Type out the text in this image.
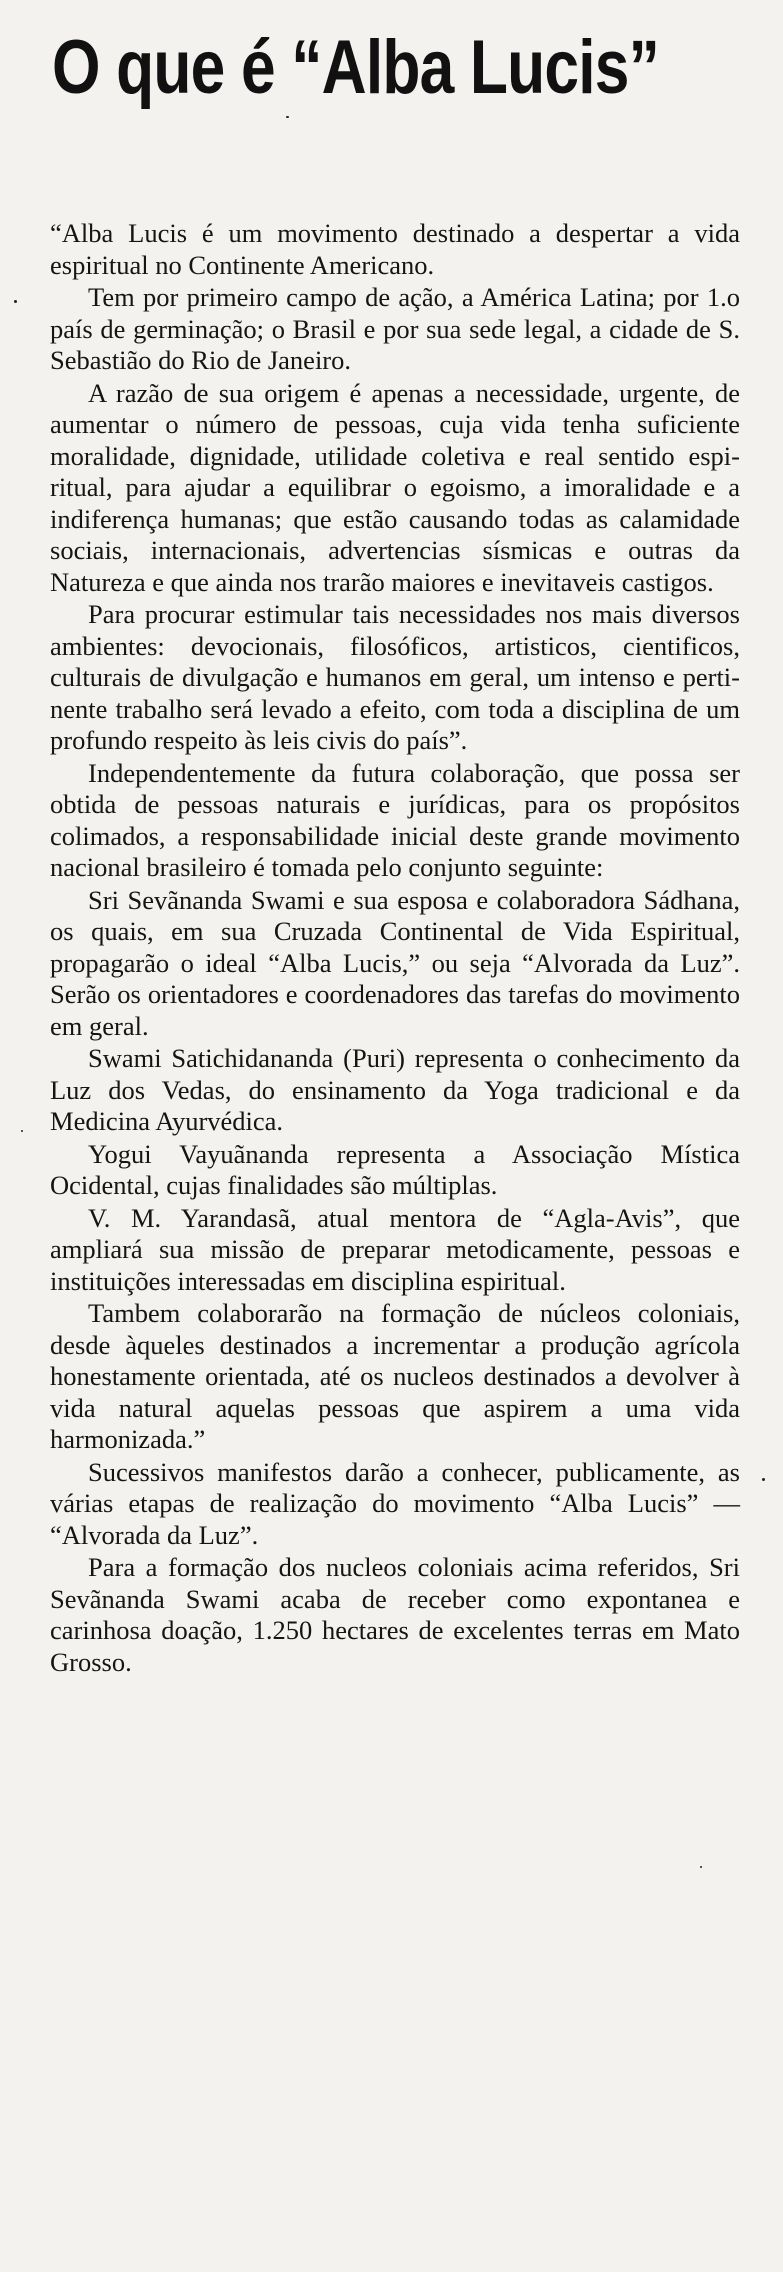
O que é “Alba Lucis”

“Alba Lucis é um movimento destinado a despertar a vida espiritual no Continente Americano.

Tem por primeiro campo de ação, a América Latina; por 1.o país de germinação; o Brasil e por sua sede legal, a cidade de S. Sebastião do Rio de Janeiro.

A razão de sua origem é apenas a necessidade, urgente, de aumentar o número de pessoas, cuja vida tenha suficiente moralidade, dignidade, utilidade coletiva e real sentido espiritual, para ajudar a equilibrar o egoismo, a imoralidade e a indiferença humanas; que estão causando todas as calamidade sociais, internacionais, advertencias sísmicas e outras da Natureza e que ainda nos trarão maiores e inevitaveis castigos.

Para procurar estimular tais necessidades nos mais diversos ambientes: devocionais, filosóficos, artisticos, cientificos, culturais de divulgação e humanos em geral, um intenso e pertinente trabalho será levado a efeito, com toda a disciplina de um profundo respeito às leis civis do país”.

Independentemente da futura colaboração, que possa ser obtida de pessoas naturais e jurídicas, para os propósitos colimados, a responsabilidade inicial deste grande movimento nacional brasileiro é tomada pelo conjunto seguinte:

Sri Sevãnanda Swami e sua esposa e colaboradora Sádhana, os quais, em sua Cruzada Continental de Vida Espiritual, propagarão o ideal “Alba Lucis,” ou seja “Alvorada da Luz”. Serão os orientadores e coordenadores das tarefas do movimento em geral.

Swami Satichidananda (Puri) representa o conhecimento da Luz dos Vedas, do ensinamento da Yoga tradicional e da Medicina Ayurvédica.

Yogui Vayuãnanda representa a Associação Mística Ocidental, cujas finalidades são múltiplas.

V. M. Yarandasã, atual mentora de “Agla-Avis”, que ampliará sua missão de preparar metodicamente, pessoas e instituições interessadas em disciplina espiritual.

Tambem colaborarão na formação de núcleos coloniais, desde àqueles destinados a incrementar a produção agrícola honestamente orientada, até os nucleos destinados a devolver à vida natural aquelas pessoas que aspirem a uma vida harmonizada.”

Sucessivos manifestos darão a conhecer, publicamente, as várias etapas de realização do movimento “Alba Lucis” — “Alvorada da Luz”.

Para a formação dos nucleos coloniais acima referidos, Sri Sevãnanda Swami acaba de receber como expontanea e carinhosa doação, 1.250 hectares de excelentes terras em Mato Grosso.
